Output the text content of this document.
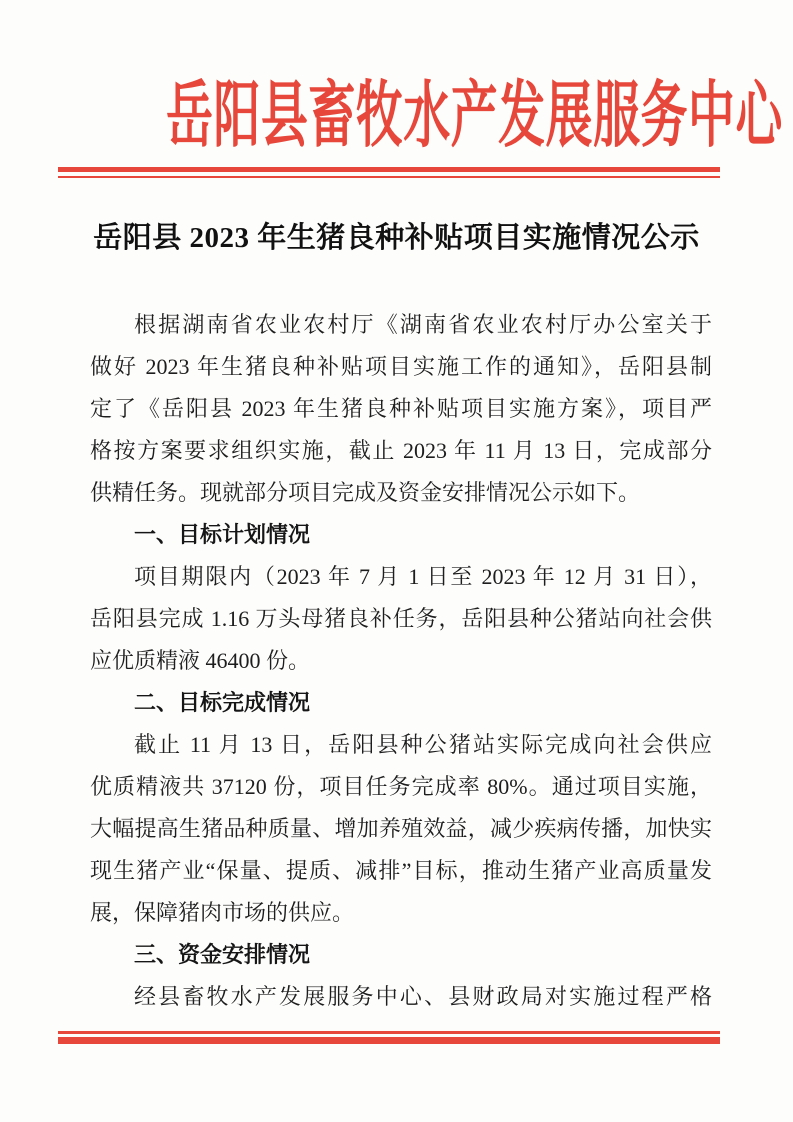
岳阳县畜牧水产发展服务中心
岳阳县 2023 年生猪良种补贴项目实施情况公示
根据湖南省农业农村厅《湖南省农业农村厅办公室关于
做好 2023 年生猪良种补贴项目实施工作的通知》，岳阳县制
定了《岳阳县 2023 年生猪良种补贴项目实施方案》，项目严
格按方案要求组织实施，截止 2023 年 11 月 13 日，完成部分
供精任务。现就部分项目完成及资金安排情况公示如下。
一、目标计划情况
项目期限内（2023 年 7 月 1 日至 2023 年 12 月 31 日），
岳阳县完成 1.16 万头母猪良补任务，岳阳县种公猪站向社会供
应优质精液 46400 份。
二、目标完成情况
截止 11 月 13 日，岳阳县种公猪站实际完成向社会供应
优质精液共 37120 份，项目任务完成率 80%。通过项目实施，
大幅提高生猪品种质量、增加养殖效益，减少疾病传播，加快实
现生猪产业“保量、提质、减排”目标，推动生猪产业高质量发
展，保障猪肉市场的供应。
三、资金安排情况
经县畜牧水产发展服务中心、县财政局对实施过程严格
